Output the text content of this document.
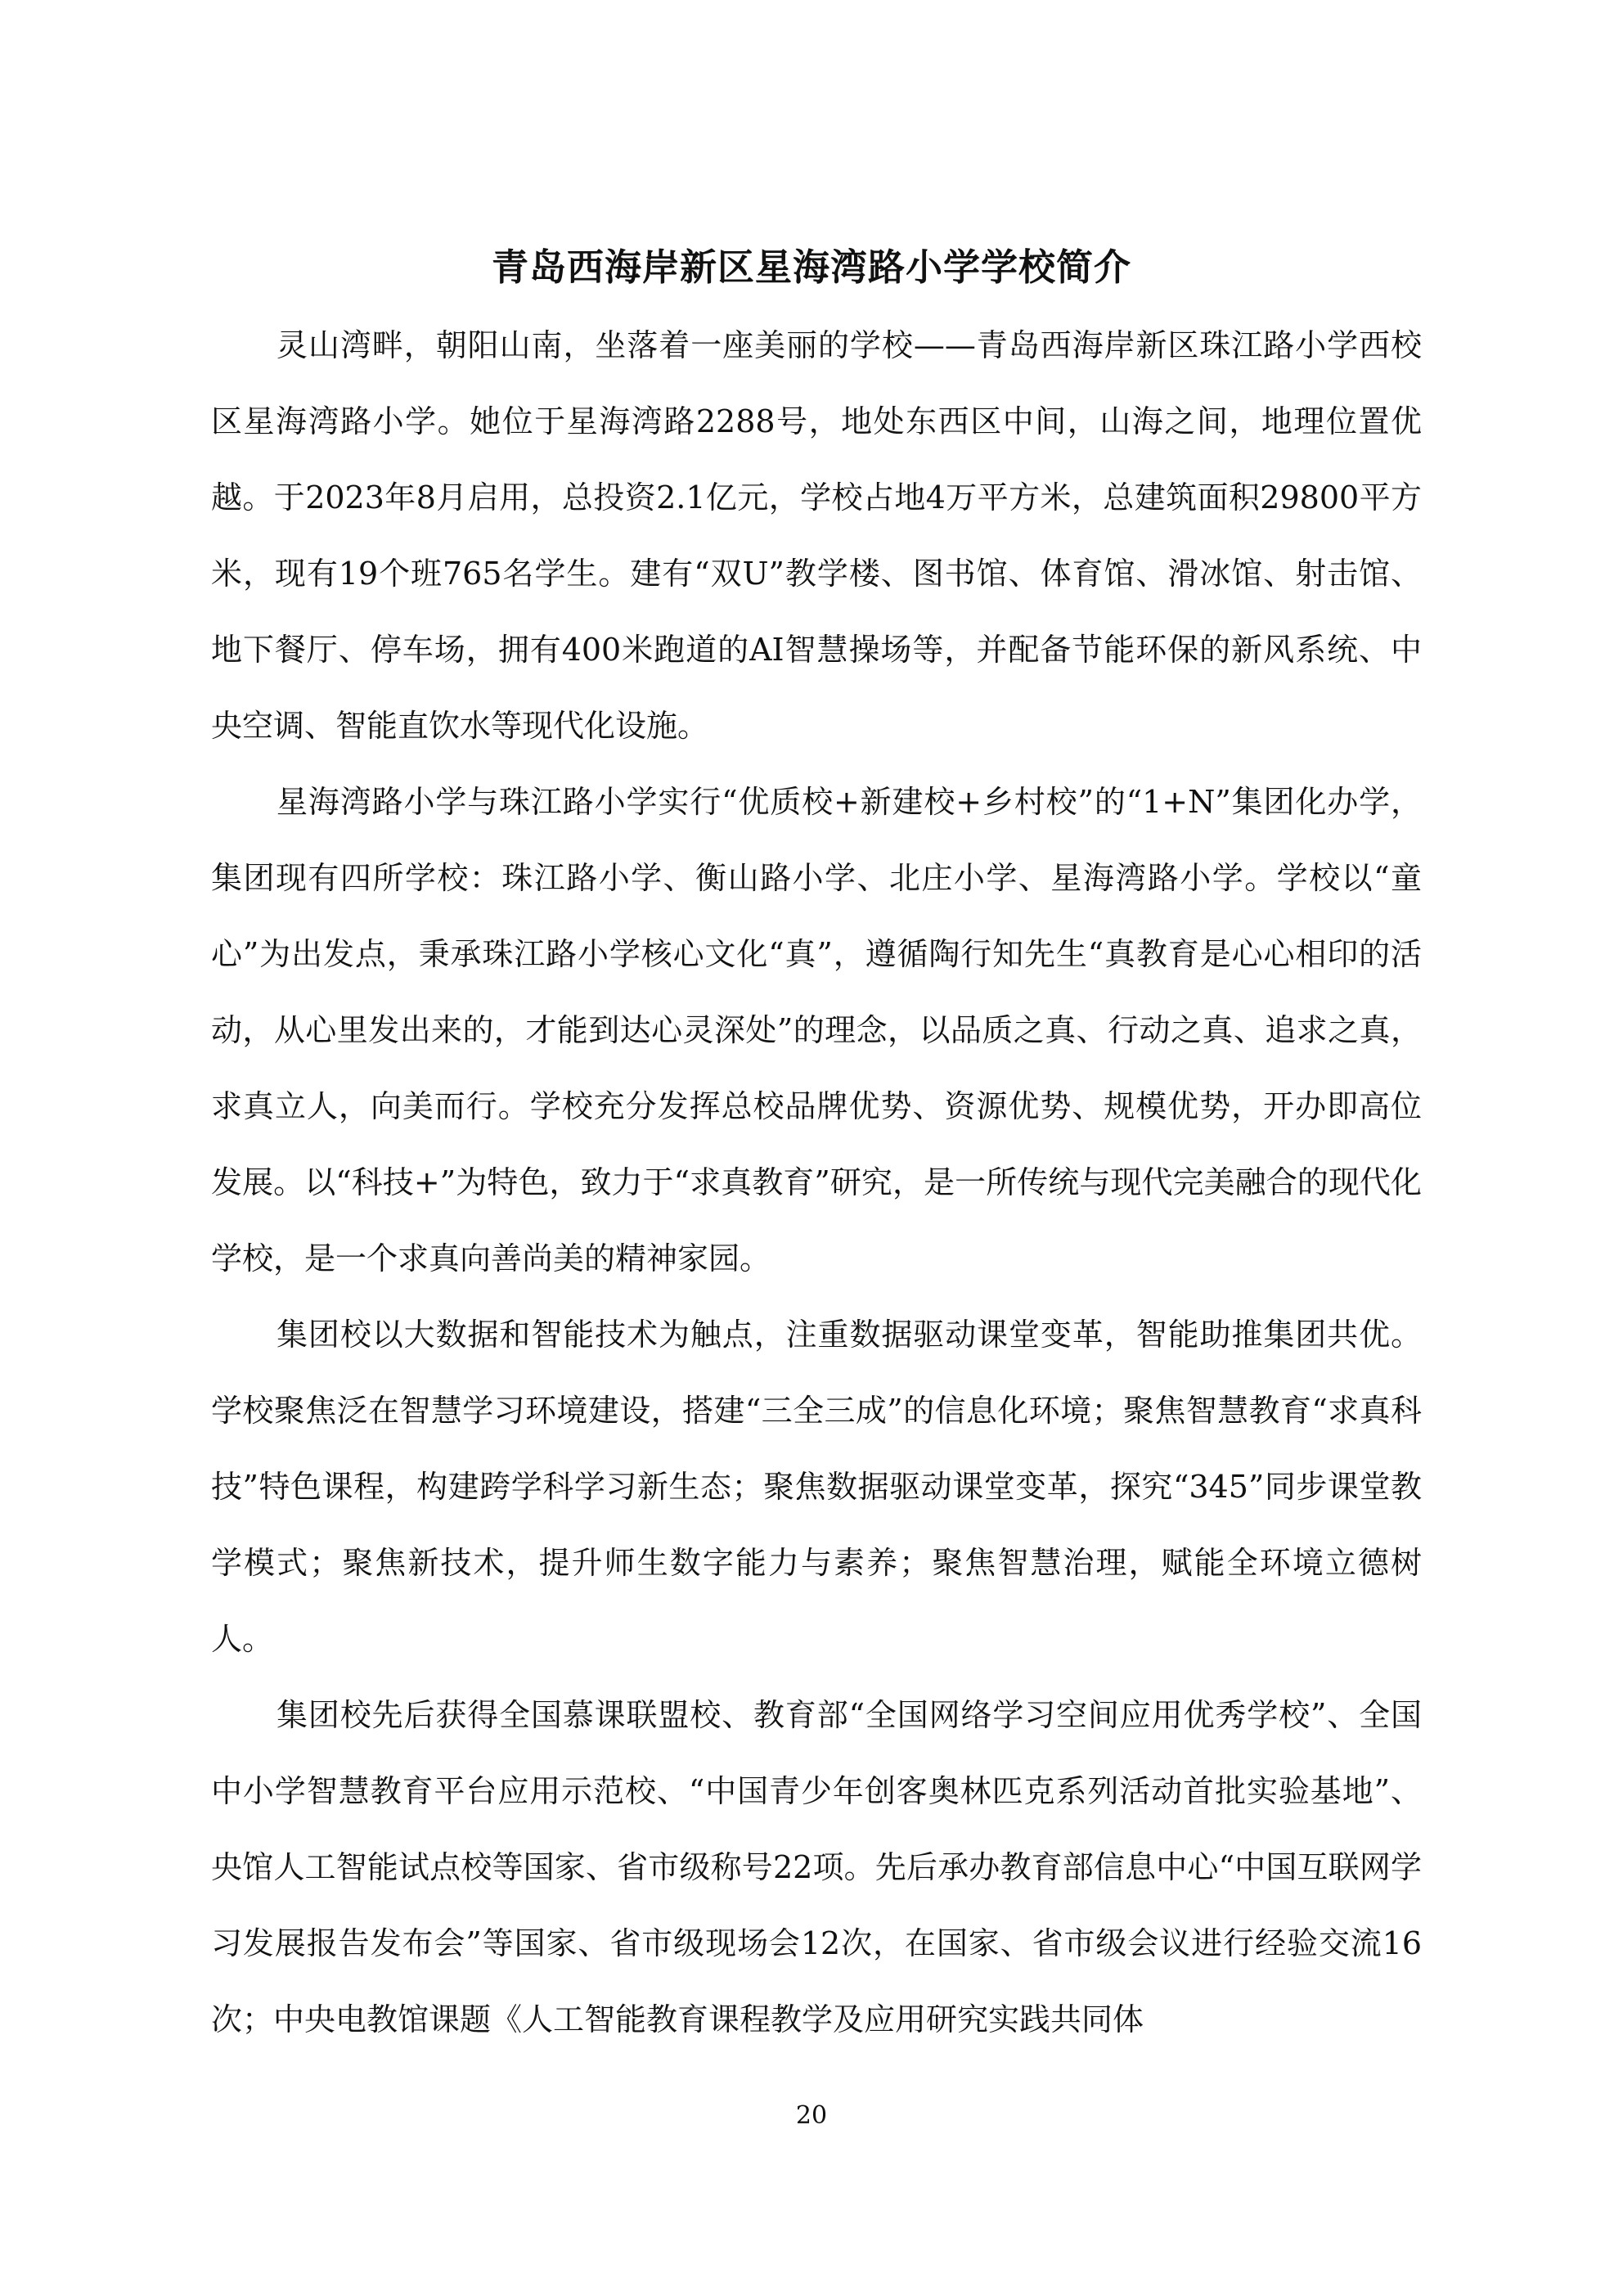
青岛西海岸新区星海湾路小学学校简介

灵山湾畔，朝阳山南，坐落着一座美丽的学校——青岛西海岸新区珠江路小学西校区星海湾路小学。她位于星海湾路2288号，地处东西区中间，山海之间，地理位置优越。于2023年8月启用，总投资2.1亿元，学校占地4万平方米，总建筑面积29800平方米，现有19个班765名学生。建有“双U”教学楼、图书馆、体育馆、滑冰馆、射击馆、地下餐厅、停车场，拥有400米跑道的AI智慧操场等，并配备节能环保的新风系统、中央空调、智能直饮水等现代化设施。

星海湾路小学与珠江路小学实行“优质校+新建校+乡村校”的“1+N”集团化办学，集团现有四所学校：珠江路小学、衡山路小学、北庄小学、星海湾路小学。学校以“童心”为出发点，秉承珠江路小学核心文化“真”，遵循陶行知先生“真教育是心心相印的活动，从心里发出来的，才能到达心灵深处”的理念，以品质之真、行动之真、追求之真，求真立人，向美而行。学校充分发挥总校品牌优势、资源优势、规模优势，开办即高位发展。以“科技+”为特色，致力于“求真教育”研究，是一所传统与现代完美融合的现代化学校，是一个求真向善尚美的精神家园。

集团校以大数据和智能技术为触点，注重数据驱动课堂变革，智能助推集团共优。学校聚焦泛在智慧学习环境建设，搭建“三全三成”的信息化环境；聚焦智慧教育“求真科技”特色课程，构建跨学科学习新生态；聚焦数据驱动课堂变革，探究“345”同步课堂教学模式；聚焦新技术，提升师生数字能力与素养；聚焦智慧治理，赋能全环境立德树人。

集团校先后获得全国慕课联盟校、教育部“全国网络学习空间应用优秀学校”、全国中小学智慧教育平台应用示范校、“中国青少年创客奥林匹克系列活动首批实验基地”、央馆人工智能试点校等国家、省市级称号22项。先后承办教育部信息中心“中国互联网学习发展报告发布会”等国家、省市级现场会12次，在国家、省市级会议进行经验交流16次；中央电教馆课题《人工智能教育课程教学及应用研究实践共同体

20
